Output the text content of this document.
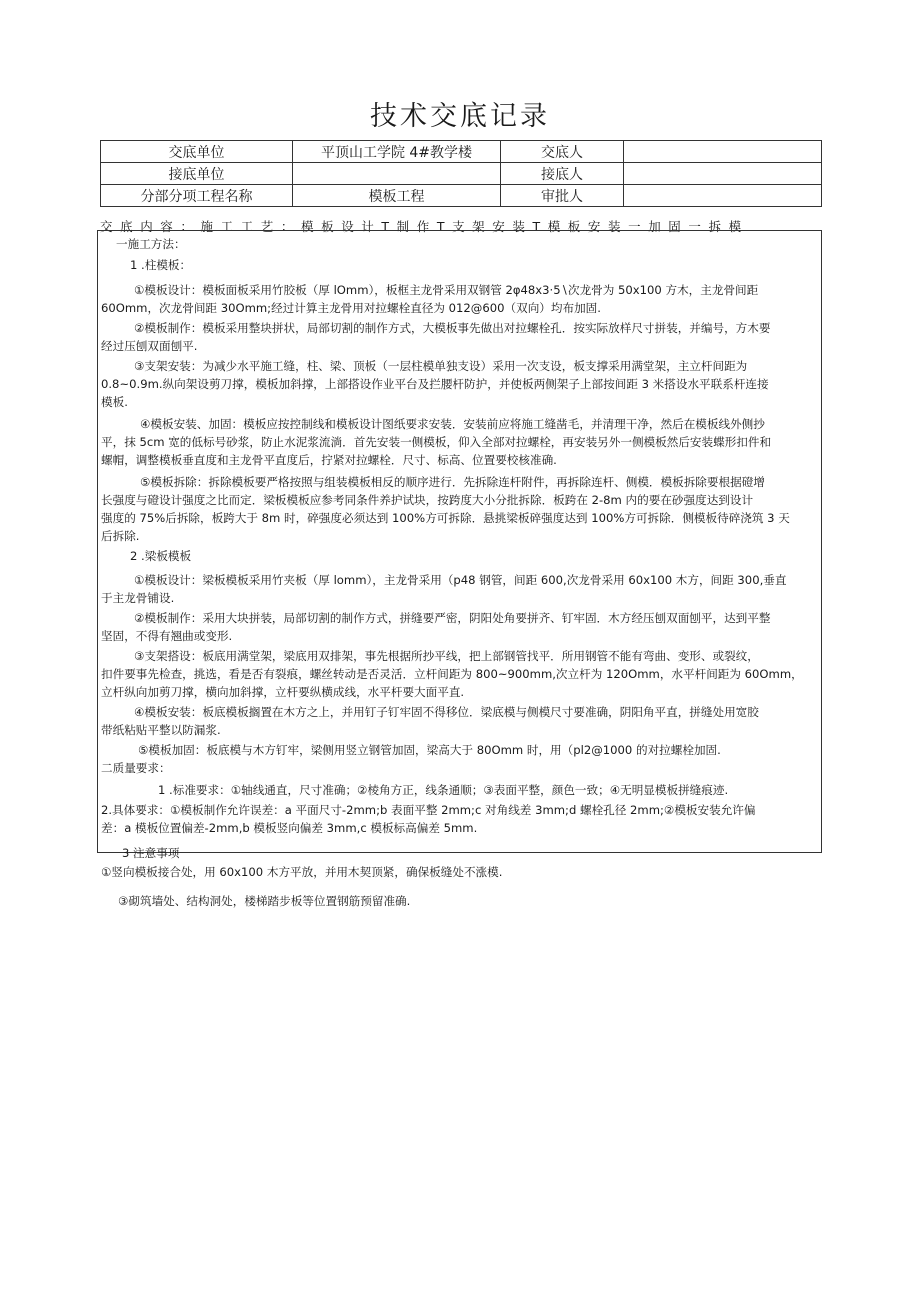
技术交底记录
交底单位	平顶山工学院 4#教学楼	交底人	
接底单位		接底人	
分部分项工程名称	模板工程	审批人	
交底内容：施工工艺：模板设计T制作T支架安装T模板安装一加固一拆模
一施工方法：
1 .柱模板：
①模板设计：模板面板采用竹胶板（厚 lOmm），板框主龙骨采用双钢管 2φ48x3·5∖次龙骨为 50x100 方木，主龙骨间距
60Omm，次龙骨间距 30Omm;经过计算主龙骨用对拉螺栓直径为 012@600（双向）均布加固.
②模板制作：模板采用整块拼状，局部切割的制作方式，大模板事先做出对拉螺栓孔．按实际放样尺寸拼装，并编号，方木要
经过压刨双面刨平.
③支架安装：为减少水平施工缝，柱、梁、顶板（一层柱模单独支设）采用一次支设，板支撑采用满堂架，主立杆间距为
0.8~0.9m.纵向架设剪刀撑，模板加斜撑，上部搭设作业平台及拦腰杆防护，并使板两侧架子上部按间距 3 米搭设水平联系杆连接
模板.
④模板安装、加固：模板应按控制线和模板设计图纸要求安装．安装前应将施工缝凿毛，并清理干净，然后在模板线外侧抄
平，抹 5cm 宽的低标号砂浆，防止水泥浆流淌．首先安装一侧模板，仰入全部对拉螺栓，再安装另外一侧模板然后安装蝶形扣件和
螺帽，调整模板垂直度和主龙骨平直度后，拧紧对拉螺栓．尺寸、标高、位置要校核准确.
⑤模板拆除：拆除模板要严格按照与组装模板相反的顺序进行．先拆除连杆附件，再拆除连杆、侧模．模板拆除要根据磴增
长强度与磴设计强度之比而定．梁板模板应参考同条件养护试块，按跨度大小分批拆除．板跨在 2-8m 内的要在砂强度达到设计
强度的 75%后拆除，板跨大于 8m 时，碎强度必须达到 100%方可拆除．悬挑梁板碎强度达到 100%方可拆除．侧模板待碎浇筑 3 天
后拆除.
2 .梁板模板
①模板设计：梁板模板采用竹夹板（厚 lomm），主龙骨采用（p48 钢管，间距 600,次龙骨采用 60x100 木方，间距 300,垂直
于主龙骨铺设.
②模板制作：采用大块拼装，局部切割的制作方式，拼缝要严密，阴阳处角要拼齐、钉牢固．木方经压刨双面刨平，达到平整
坚固，不得有翘曲或变形.
③支架搭设：板底用满堂架，梁底用双排架，事先根据所抄平线，把上部钢管找平．所用钢管不能有弯曲、变形、或裂纹，
扣件要事先检查，挑选，看是否有裂痕，螺丝转动是否灵活．立杆间距为 800~900mm,次立杆为 120Omm，水平杆间距为 60Omm，
立杆纵向加剪刀撑，横向加斜撑，立杆要纵横成线，水平杆要大面平直.
④模板安装：板底模板搁置在木方之上，并用钉子钉牢固不得移位．梁底模与侧模尺寸要准确，阴阳角平直，拼缝处用宽胶
带纸粘贴平整以防漏浆.
⑤模板加固：板底模与木方钉牢，梁侧用竖立钢管加固，梁高大于 80Omm 时，用（pl2@1000 的对拉螺栓加固.
二质量要求：
1 .标准要求：①轴线通直，尺寸准确；②棱角方正，线条通顺；③表面平整，颜色一致；④无明显模板拼缝痕迹.
2.具体要求：①模板制作允许误差：a 平面尺寸-2mm;b 表面平整 2mm;c 对角线差 3mm;d 螺栓孔径 2mm;②模板安装允许偏
差：a 模板位置偏差-2mm,b 模板竖向偏差 3mm,c 模板标高偏差 5mm.
3 注意事项
①竖向模板接合处，用 60x100 木方平放，并用木契顶紧，确保板缝处不涨模.
③砌筑墙处、结构洞处，楼梯踏步板等位置钢筋预留准确.
